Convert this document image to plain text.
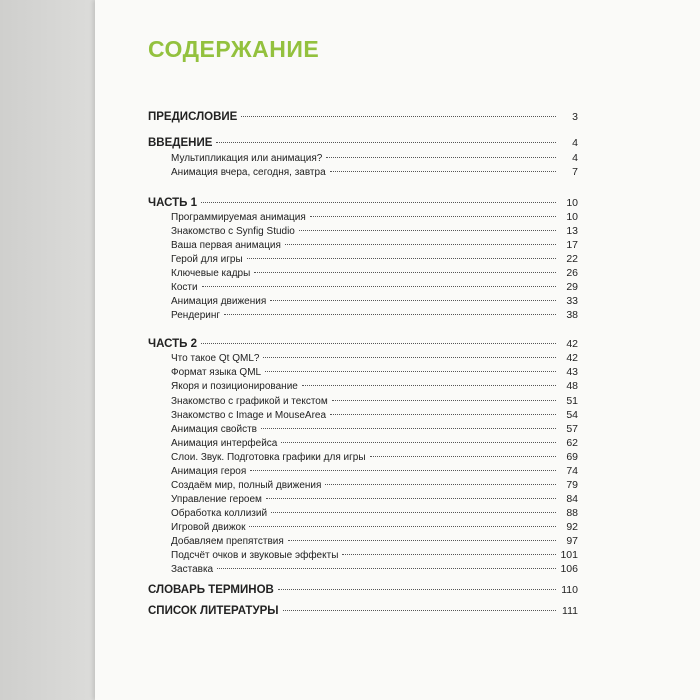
СОДЕРЖАНИЕ
ПРЕДИСЛОВИЕ	3
ВВЕДЕНИЕ	4
Мультипликация или анимация?	4
Анимация вчера, сегодня, завтра	7
ЧАСТЬ 1	10
Программируемая анимация	10
Знакомство с Synfig Studio	13
Ваша первая анимация	17
Герой для игры	22
Ключевые кадры	26
Кости	29
Анимация движения	33
Рендеринг	38
ЧАСТЬ 2	42
Что такое Qt QML?	42
Формат языка QML	43
Якоря и позиционирование	48
Знакомство с графикой и текстом	51
Знакомство с Image и MouseArea	54
Анимация свойств	57
Анимация интерфейса	62
Слои. Звук. Подготовка графики для игры	69
Анимация героя	74
Создаём мир, полный движения	79
Управление героем	84
Обработка коллизий	88
Игровой движок	92
Добавляем препятствия	97
Подсчёт очков и звуковые эффекты	101
Заставка	106
СЛОВАРЬ ТЕРМИНОВ	110
СПИСОК ЛИТЕРАТУРЫ	111
